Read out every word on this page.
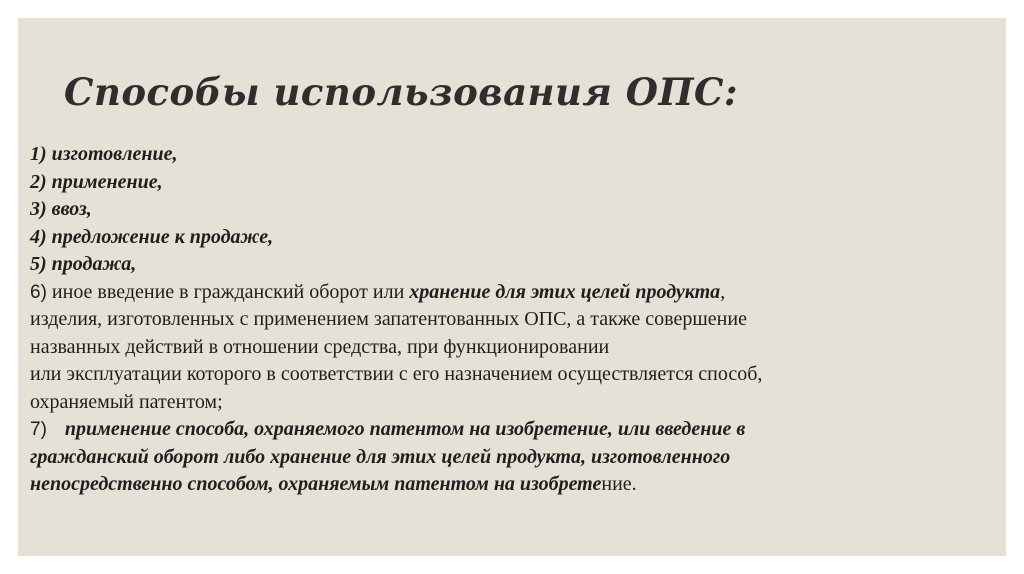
Способы использования ОПС:
1) изготовление,
2) применение,
3) ввоз,
4) предложение к продаже,
5) продажа,
6) иное введение в гражданский оборот или хранение для этих целей продукта,
изделия, изготовленных с применением запатентованных ОПС, а также совершение
названных действий в отношении средства, при функционировании
или эксплуатации которого в соответствии с его назначением осуществляется способ,
охраняемый патентом;
7) применение способа, охраняемого патентом на изобретение, или введение в
гражданский оборот либо хранение для этих целей продукта, изготовленного
непосредственно способом, охраняемым патентом на изобретение.
